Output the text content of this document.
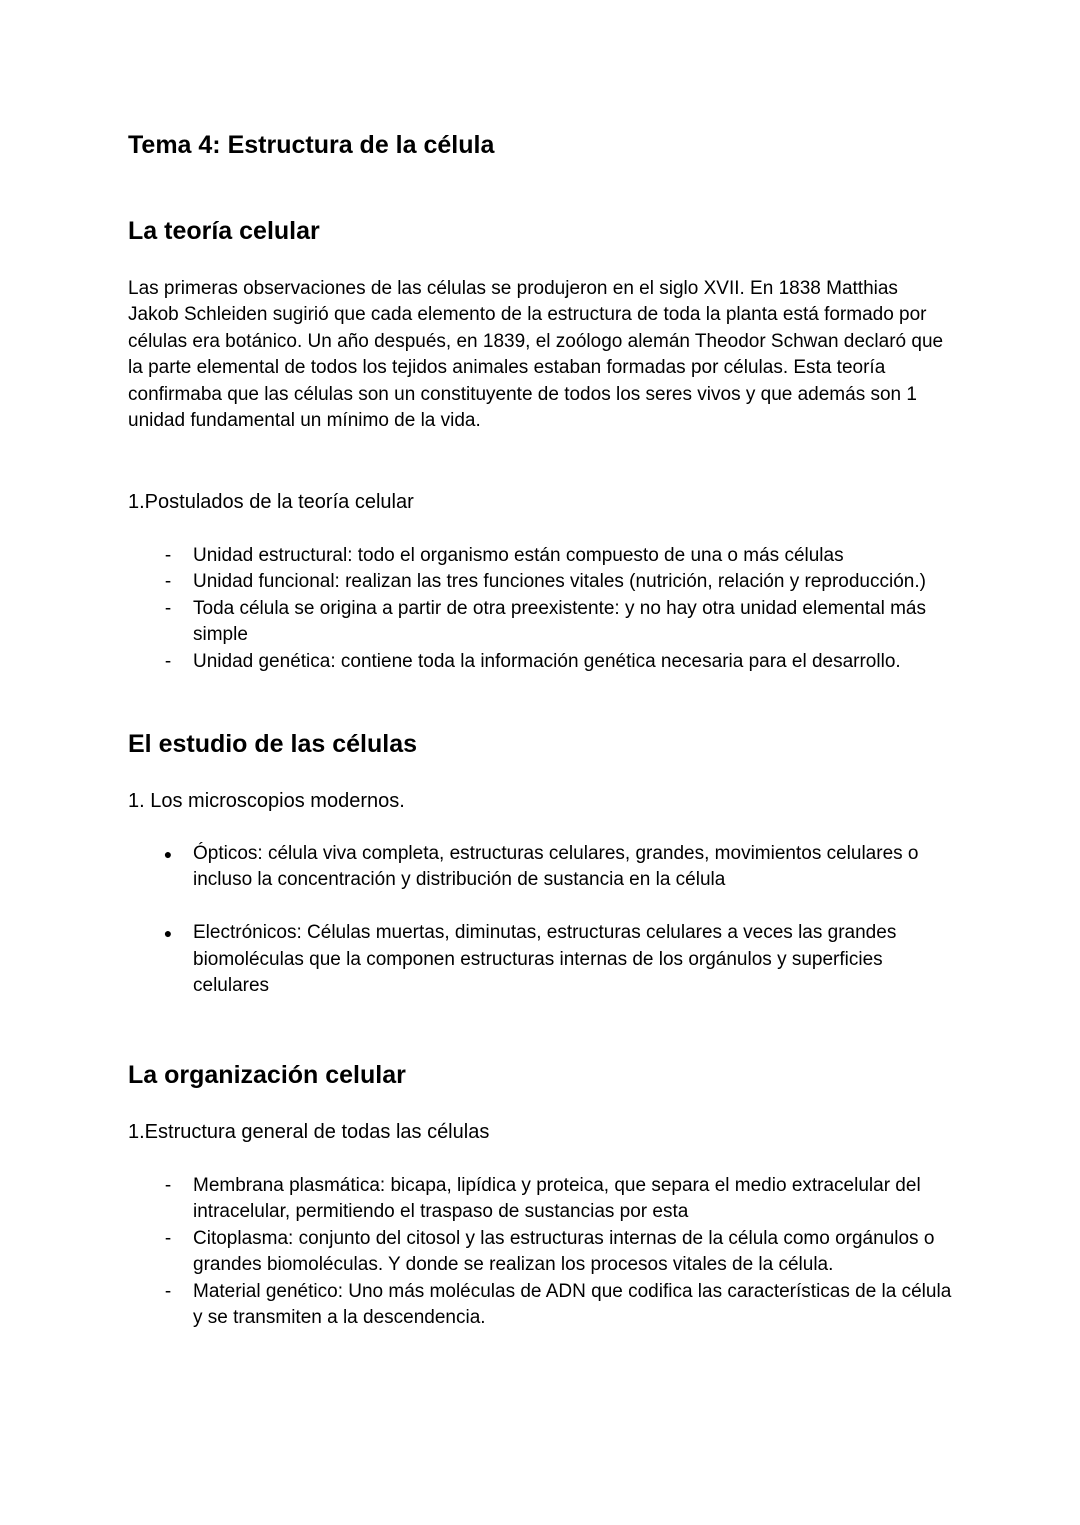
Tema 4: Estructura de la célula
La teoría celular

Las primeras observaciones de las células se produjeron en el siglo XVII. En 1838 Matthias Jakob Schleiden sugirió que cada elemento de la estructura de toda la planta está formado por células era botánico. Un año después, en 1839, el zoólogo alemán Theodor Schwan declaró que la parte elemental de todos los tejidos animales estaban formadas por células. Esta teoría confirmaba que las células son un constituyente de todos los seres vivos y que además son 1 unidad fundamental un mínimo de la vida.

1.Postulados de la teoría celular
-	Unidad estructural: todo el organismo están compuesto de una o más células
-	Unidad funcional: realizan las tres funciones vitales (nutrición, relación y reproducción.)
-	Toda célula se origina a partir de otra preexistente: y no hay otra unidad elemental más simple
-	Unidad genética: contiene toda la información genética necesaria para el desarrollo.
El estudio de las células
1. Los microscopios modernos.
●	Ópticos: célula viva completa, estructuras celulares, grandes, movimientos celulares o incluso la concentración y distribución de sustancia en la célula
●	Electrónicos: Células muertas, diminutas, estructuras celulares a veces las grandes biomoléculas que la componen estructuras internas de los orgánulos y superficies celulares
La organización celular
1.Estructura general de todas las células
-	Membrana plasmática: bicapa, lipídica y proteica, que separa el medio extracelular del intracelular, permitiendo el traspaso de sustancias por esta
-	Citoplasma: conjunto del citosol y las estructuras internas de la célula como orgánulos o grandes biomoléculas. Y donde se realizan los procesos vitales de la célula.
-	Material genético: Uno más moléculas de ADN que codifica las características de la célula y se transmiten a la descendencia.
